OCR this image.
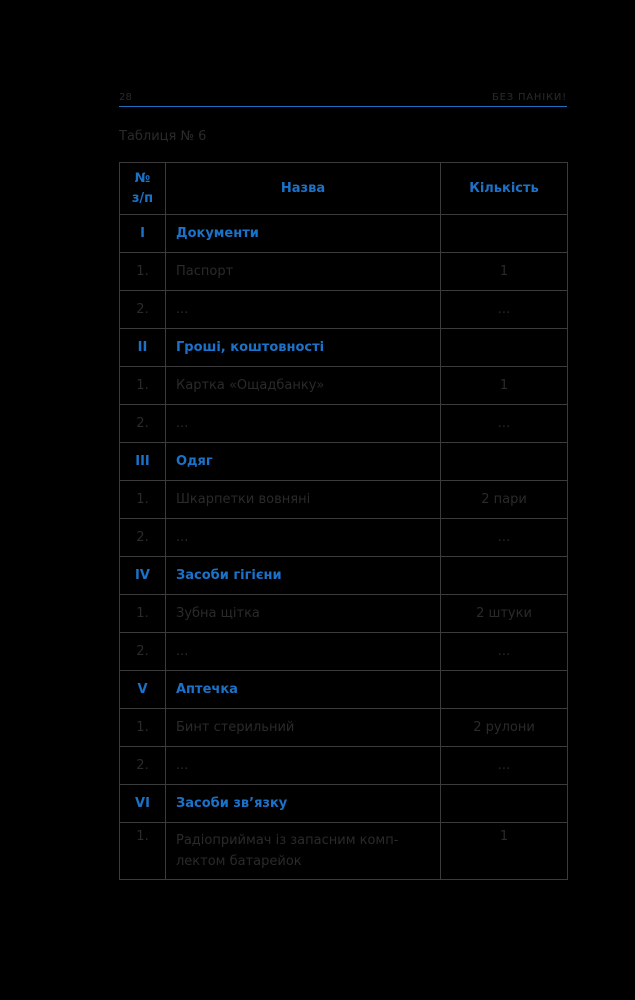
28	БЕЗ ПАНІКИ!
Таблиця № 6
№
з/п	Назва	Кількість
I	Документи	
1.	Паспорт	1
2.	...	...
II	Гроші, коштовності	
1.	Картка «Ощадбанку»	1
2.	...	...
III	Одяг	
1.	Шкарпетки вовняні	2 пари
2.	...	...
IV	Засоби гігієни	
1.	Зубна щітка	2 штуки
2.	...	...
V	Аптечка	
1.	Бинт стерильний	2 рулони
2.	...	...
VI	Засоби зв’язку	
1.	Радіоприймач із запасним комп-лектом батарейок	1
